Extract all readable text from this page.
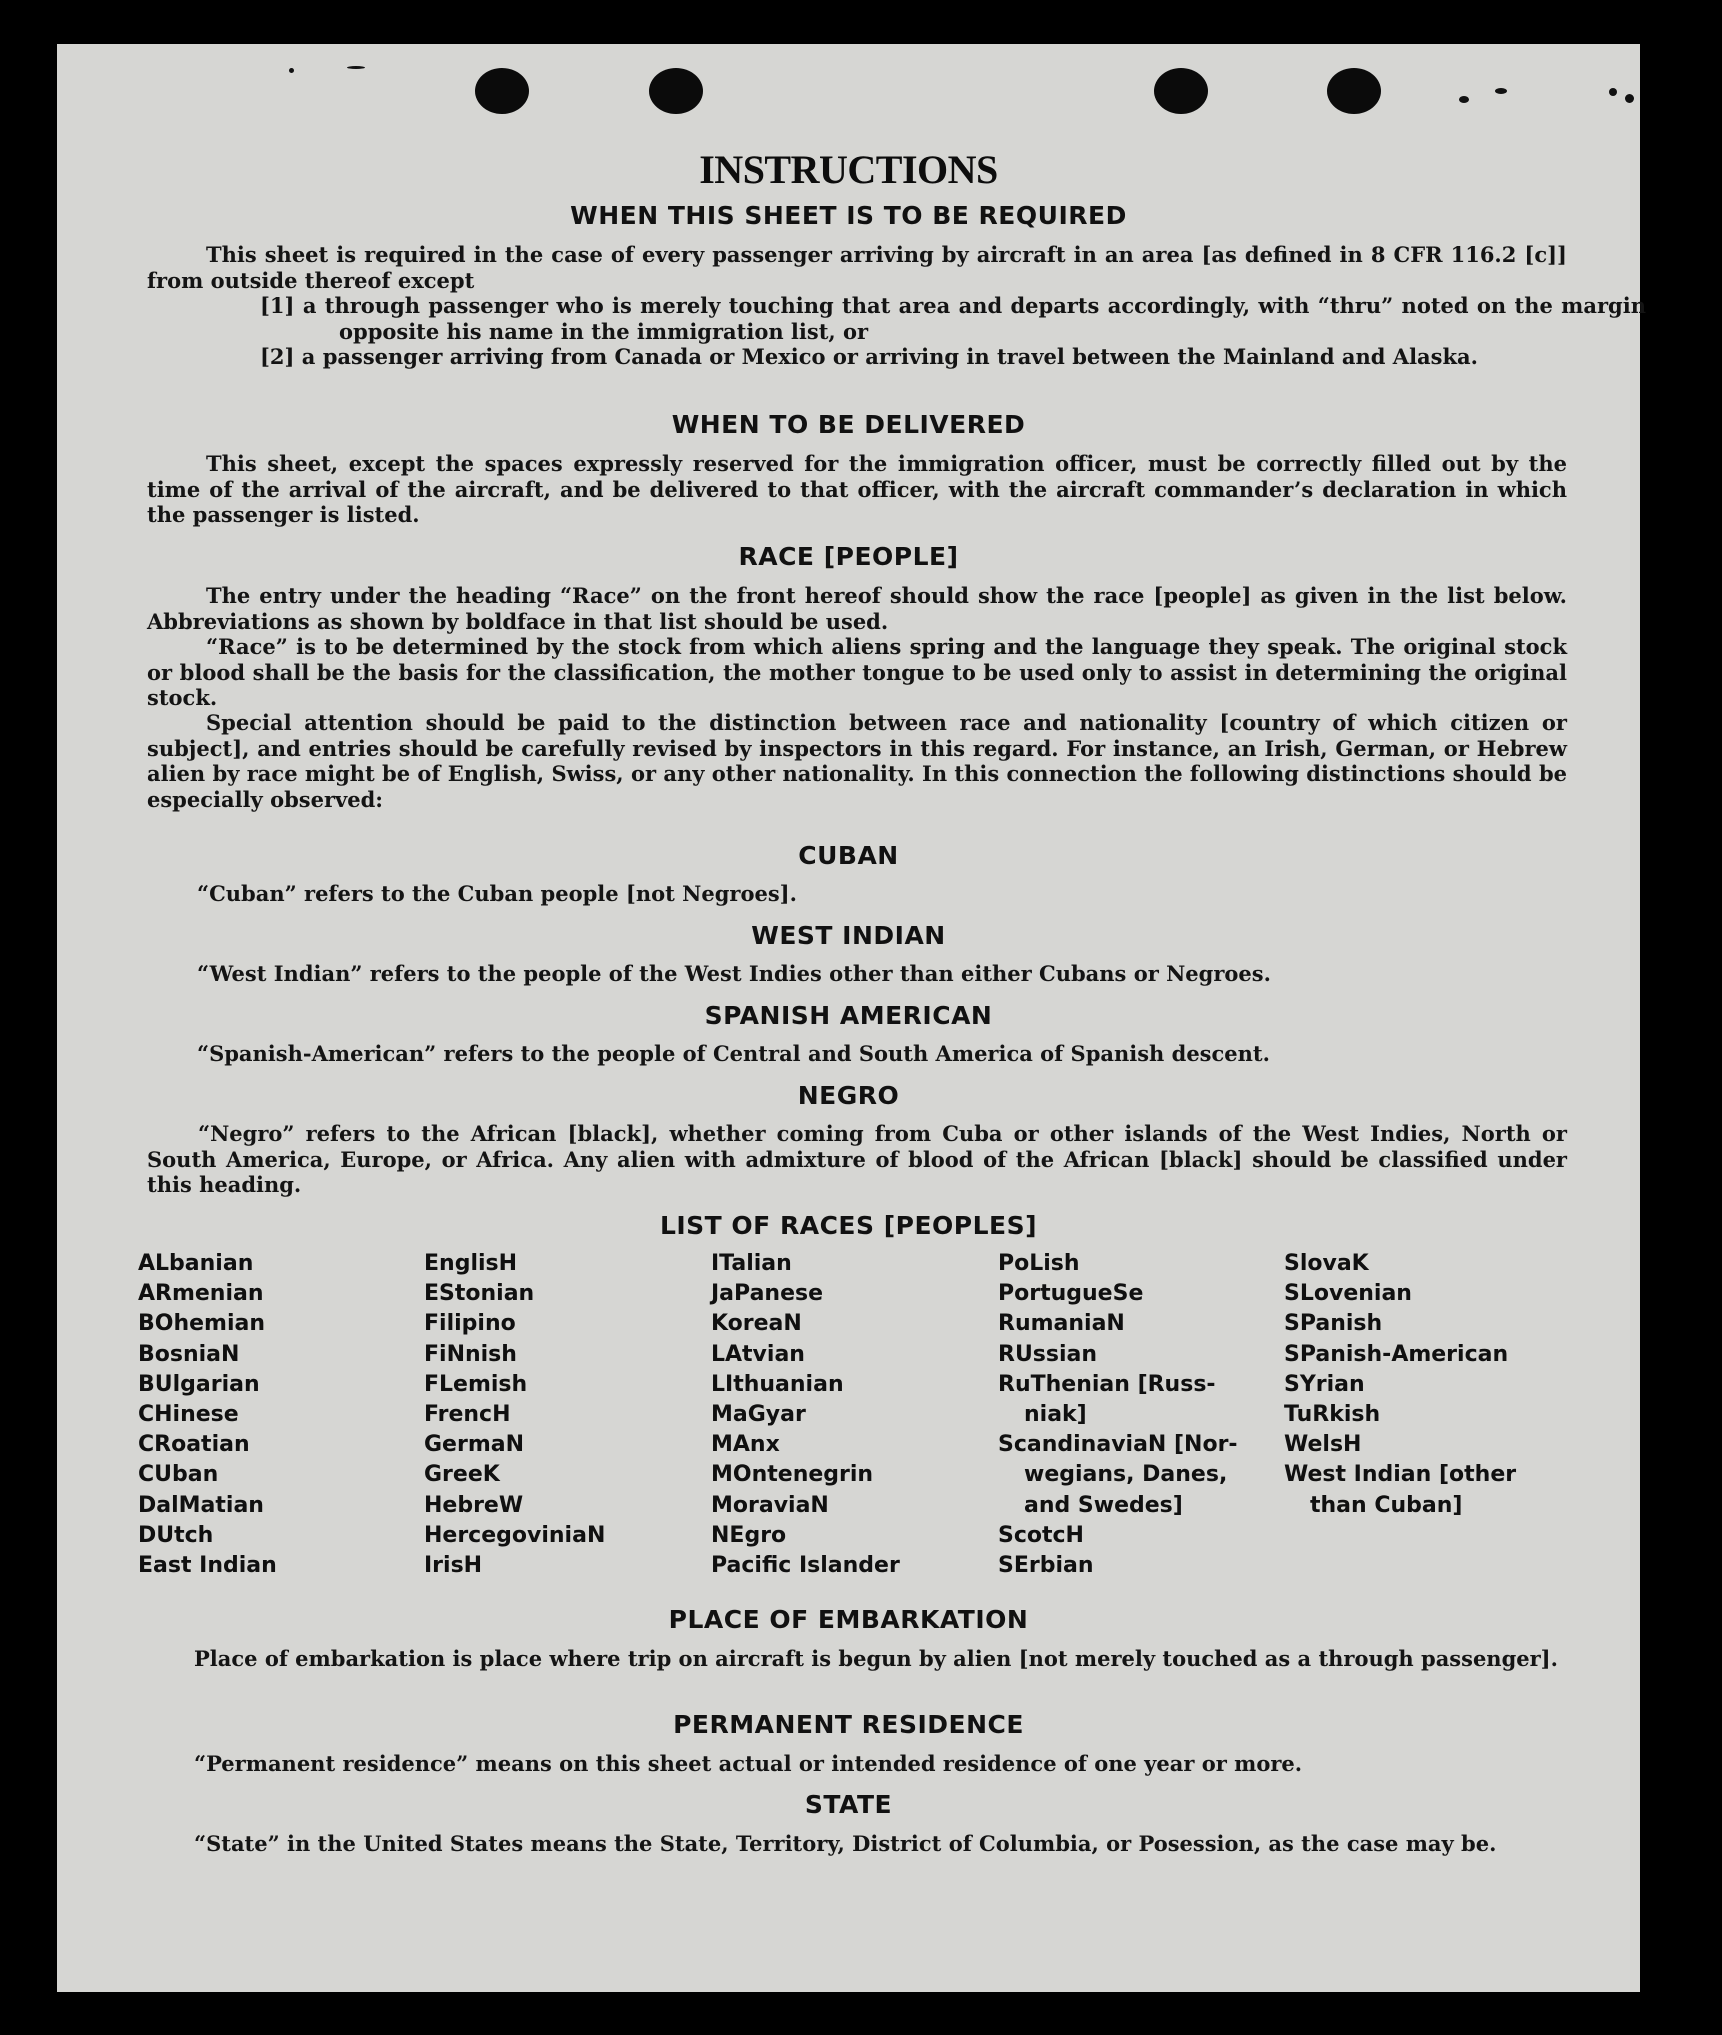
INSTRUCTIONS
WHEN THIS SHEET IS TO BE REQUIRED
This sheet is required in the case of every passenger arriving by aircraft in an area [as defined in 8 CFR 116.2 [c]] from outside thereof except
[1] a through passenger who is merely touching that area and departs accordingly, with “thru” noted on the margin opposite his name in the immigration list, or
[2] a passenger arriving from Canada or Mexico or arriving in travel between the Mainland and Alaska.
WHEN TO BE DELIVERED
This sheet, except the spaces expressly reserved for the immigration officer, must be correctly filled out by the time of the arrival of the aircraft, and be delivered to that officer, with the aircraft commander’s declaration in which the passenger is listed.
RACE [PEOPLE]
The entry under the heading “Race” on the front hereof should show the race [people] as given in the list below. Abbreviations as shown by boldface in that list should be used.
“Race” is to be determined by the stock from which aliens spring and the language they speak. The original stock or blood shall be the basis for the classification, the mother tongue to be used only to assist in determining the original stock.
Special attention should be paid to the distinction between race and nationality [country of which citizen or subject], and entries should be carefully revised by inspectors in this regard. For instance, an Irish, German, or Hebrew alien by race might be of English, Swiss, or any other nationality. In this connection the following distinctions should be especially observed:
CUBAN
“Cuban” refers to the Cuban people [not Negroes].
WEST INDIAN
“West Indian” refers to the people of the West Indies other than either Cubans or Negroes.
SPANISH AMERICAN
“Spanish-American” refers to the people of Central and South America of Spanish descent.
NEGRO
“Negro” refers to the African [black], whether coming from Cuba or other islands of the West Indies, North or South America, Europe, or Africa. Any alien with admixture of blood of the African [black] should be classified under this heading.
LIST OF RACES [PEOPLES]
ALbanian
ARmenian
BOhemian
BosniaN
BUlgarian
CHinese
CRoatian
CUban
DalMatian
DUtch
East Indian
EnglisH
EStonian
Filipino
FiNnish
FLemish
FrencH
GermaN
GreeK
HebreW
HercegoviniaN
IrisH
ITalian
JaPanese
KoreaN
LAtvian
LIthuanian
MaGyar
MAnx
MOntenegrin
MoraviaN
NEgro
Pacific Islander
PoLish
PortugueSe
RumaniaN
RUssian
RuThenian [Russ-
niak]
ScandinaviaN [Nor-
wegians, Danes,
and Swedes]
ScotcH
SErbian
SlovaK
SLovenian
SPanish
SPanish-American
SYrian
TuRkish
WelsH
West Indian [other
than Cuban]
PLACE OF EMBARKATION
Place of embarkation is place where trip on aircraft is begun by alien [not merely touched as a through passenger].
PERMANENT RESIDENCE
“Permanent residence” means on this sheet actual or intended residence of one year or more.
STATE
“State” in the United States means the State, Territory, District of Columbia, or Posession, as the case may be.
